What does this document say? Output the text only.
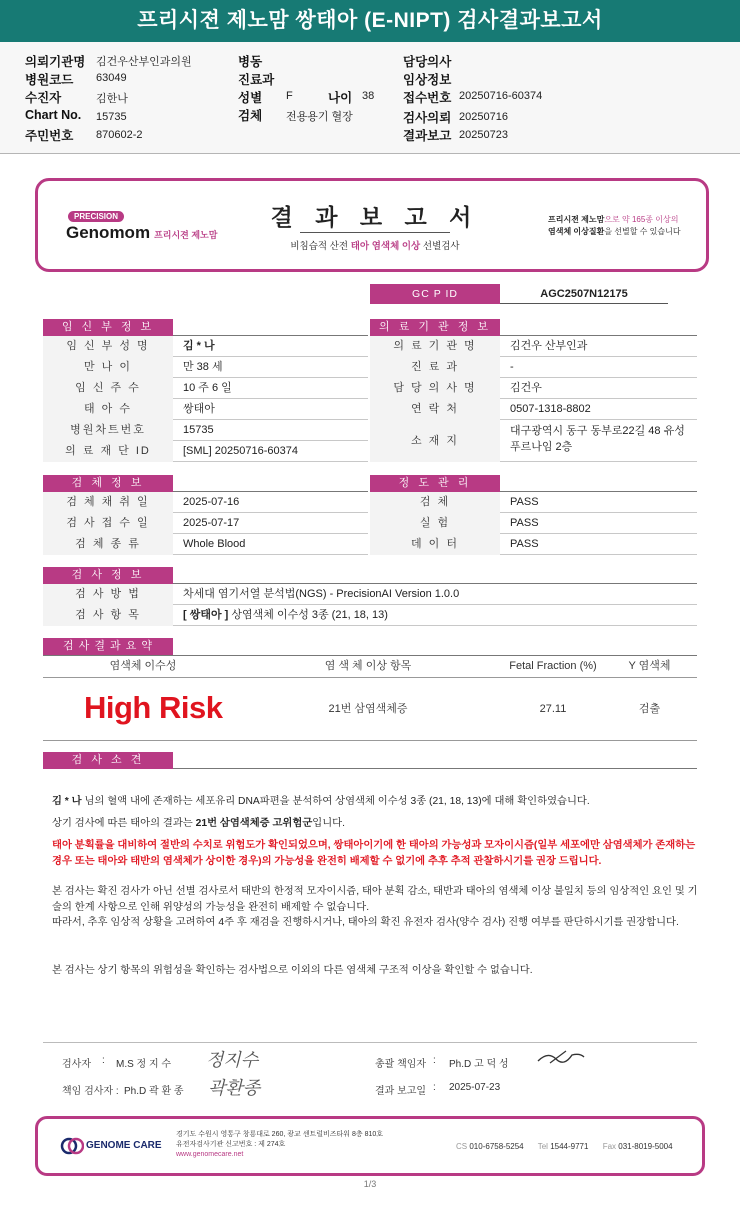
프리시젼 제노맘 쌍태아 (E-NIPT) 검사결과보고서
의뢰기관명 김건우산부인과의원
병원코드 63049
수진자	김한나
Chart No. 15735
주민번호 870602-2
병동
진료과
성별 F	나이 38
검체 전용용기 혈장
담당의사
임상정보
접수번호 20250716-60374
검사의뢰 20250716
결과보고 20250723
PRECISION
Genomom 프리시젼 제노맘
결 과 보 고 서
비침습적 산전 태아 염색체 이상 선별검사
프리시젼 제노맘으로 약 165종 이상의
염색체 이상질환을 선별할 수 있습니다
GC P ID	AGC2507N12175
임 신 부 정 보
임 신 부 성 명	김 * 나
만 나 이	만 38 세
임 신 주 수	10 주 6 일
태 아 수	쌍태아
병원차트번호	15735
의 료 재 단 ID	[SML] 20250716-60374
의 료 기 관 정 보
의 료 기 관 명	김건우 산부인과
진 료 과	-
담 당 의 사 명	김건우
연 락 처	0507-1318-8802
소 재 지
대구광역시 동구 동부로22길 48 유성
푸르나임 2층
검 체 정 보
검 체 채 취 일	2025-07-16
검 사 접 수 일	2025-07-17
검 체 종 류	Whole Blood
정 도 관 리
검 체	PASS
실 험	PASS
데 이 터	PASS
검 사 정 보
검 사 방 법	차세대 염기서열 분석법(NGS) - PrecisionAI Version 1.0.0
검 사 항 목	[ 쌍태아 ] 상염색체 이수성 3종 (21, 18, 13)
검 사 결 과 요 약
염색체 이수성	염 색 체 이상 항목	Fetal Fraction (%)	Y 염색체
High Risk	21번 삼염색체증	27.11	검출
검 사 소 견
김 * 나 님의 혈액 내에 존재하는 세포유리 DNA파편을 분석하여 상염색체 이수성 3종 (21, 18, 13)에 대해 확인하였습니다.
상기 검사에 따른 태아의 결과는 21번 삼염색체증 고위험군입니다.
태아 분획률을 대비하여 절반의 수치로 위험도가 확인되었으며, 쌍태아이기에 한 태아의 가능성과 모자이시즘(일부 세포에만 삼염색체가 존재하는 경우 또는 태아와 태반의 염색체가 상이한 경우)의 가능성을 완전히 배제할 수 없기에 추후 추적 관찰하시기를 권장 드립니다.
본 검사는 확진 검사가 아닌 선별 검사로서 태반의 한정적 모자이시즘, 태아 분획 감소, 태반과 태아의 염색체 이상 불일치 등의 임상적인 요인 및 기술의 한계 사항으로 인해 위양성의 가능성을 완전히 배제할 수 없습니다.
따라서, 추후 임상적 상황을 고려하여 4주 후 재검을 진행하시거나, 태아의 확진 유전자 검사(양수 검사) 진행 여부를 판단하시기를 권장합니다.
본 검사는 상기 항목의 위험성을 확인하는 검사법으로 이외의 다른 염색체 구조적 이상을 확인할 수 없습니다.
검사자 : M.S 정 지 수 정지수
책임 검사자 : Ph.D 곽 환 종 곽환종
총괄 책임자 : Ph.D 고 덕 성
결과 보고일 : 2025-07-23
GENOME CARE
경기도 수원시 영통구 창룡대로 260, 광교 센트럴비즈타워 8층 810호
유전자검사기관 신고번호 : 제 274호
www.genomecare.net
CS 010-6758-5254 Tel 1544-9771 Fax 031-8019-5004
1/3
